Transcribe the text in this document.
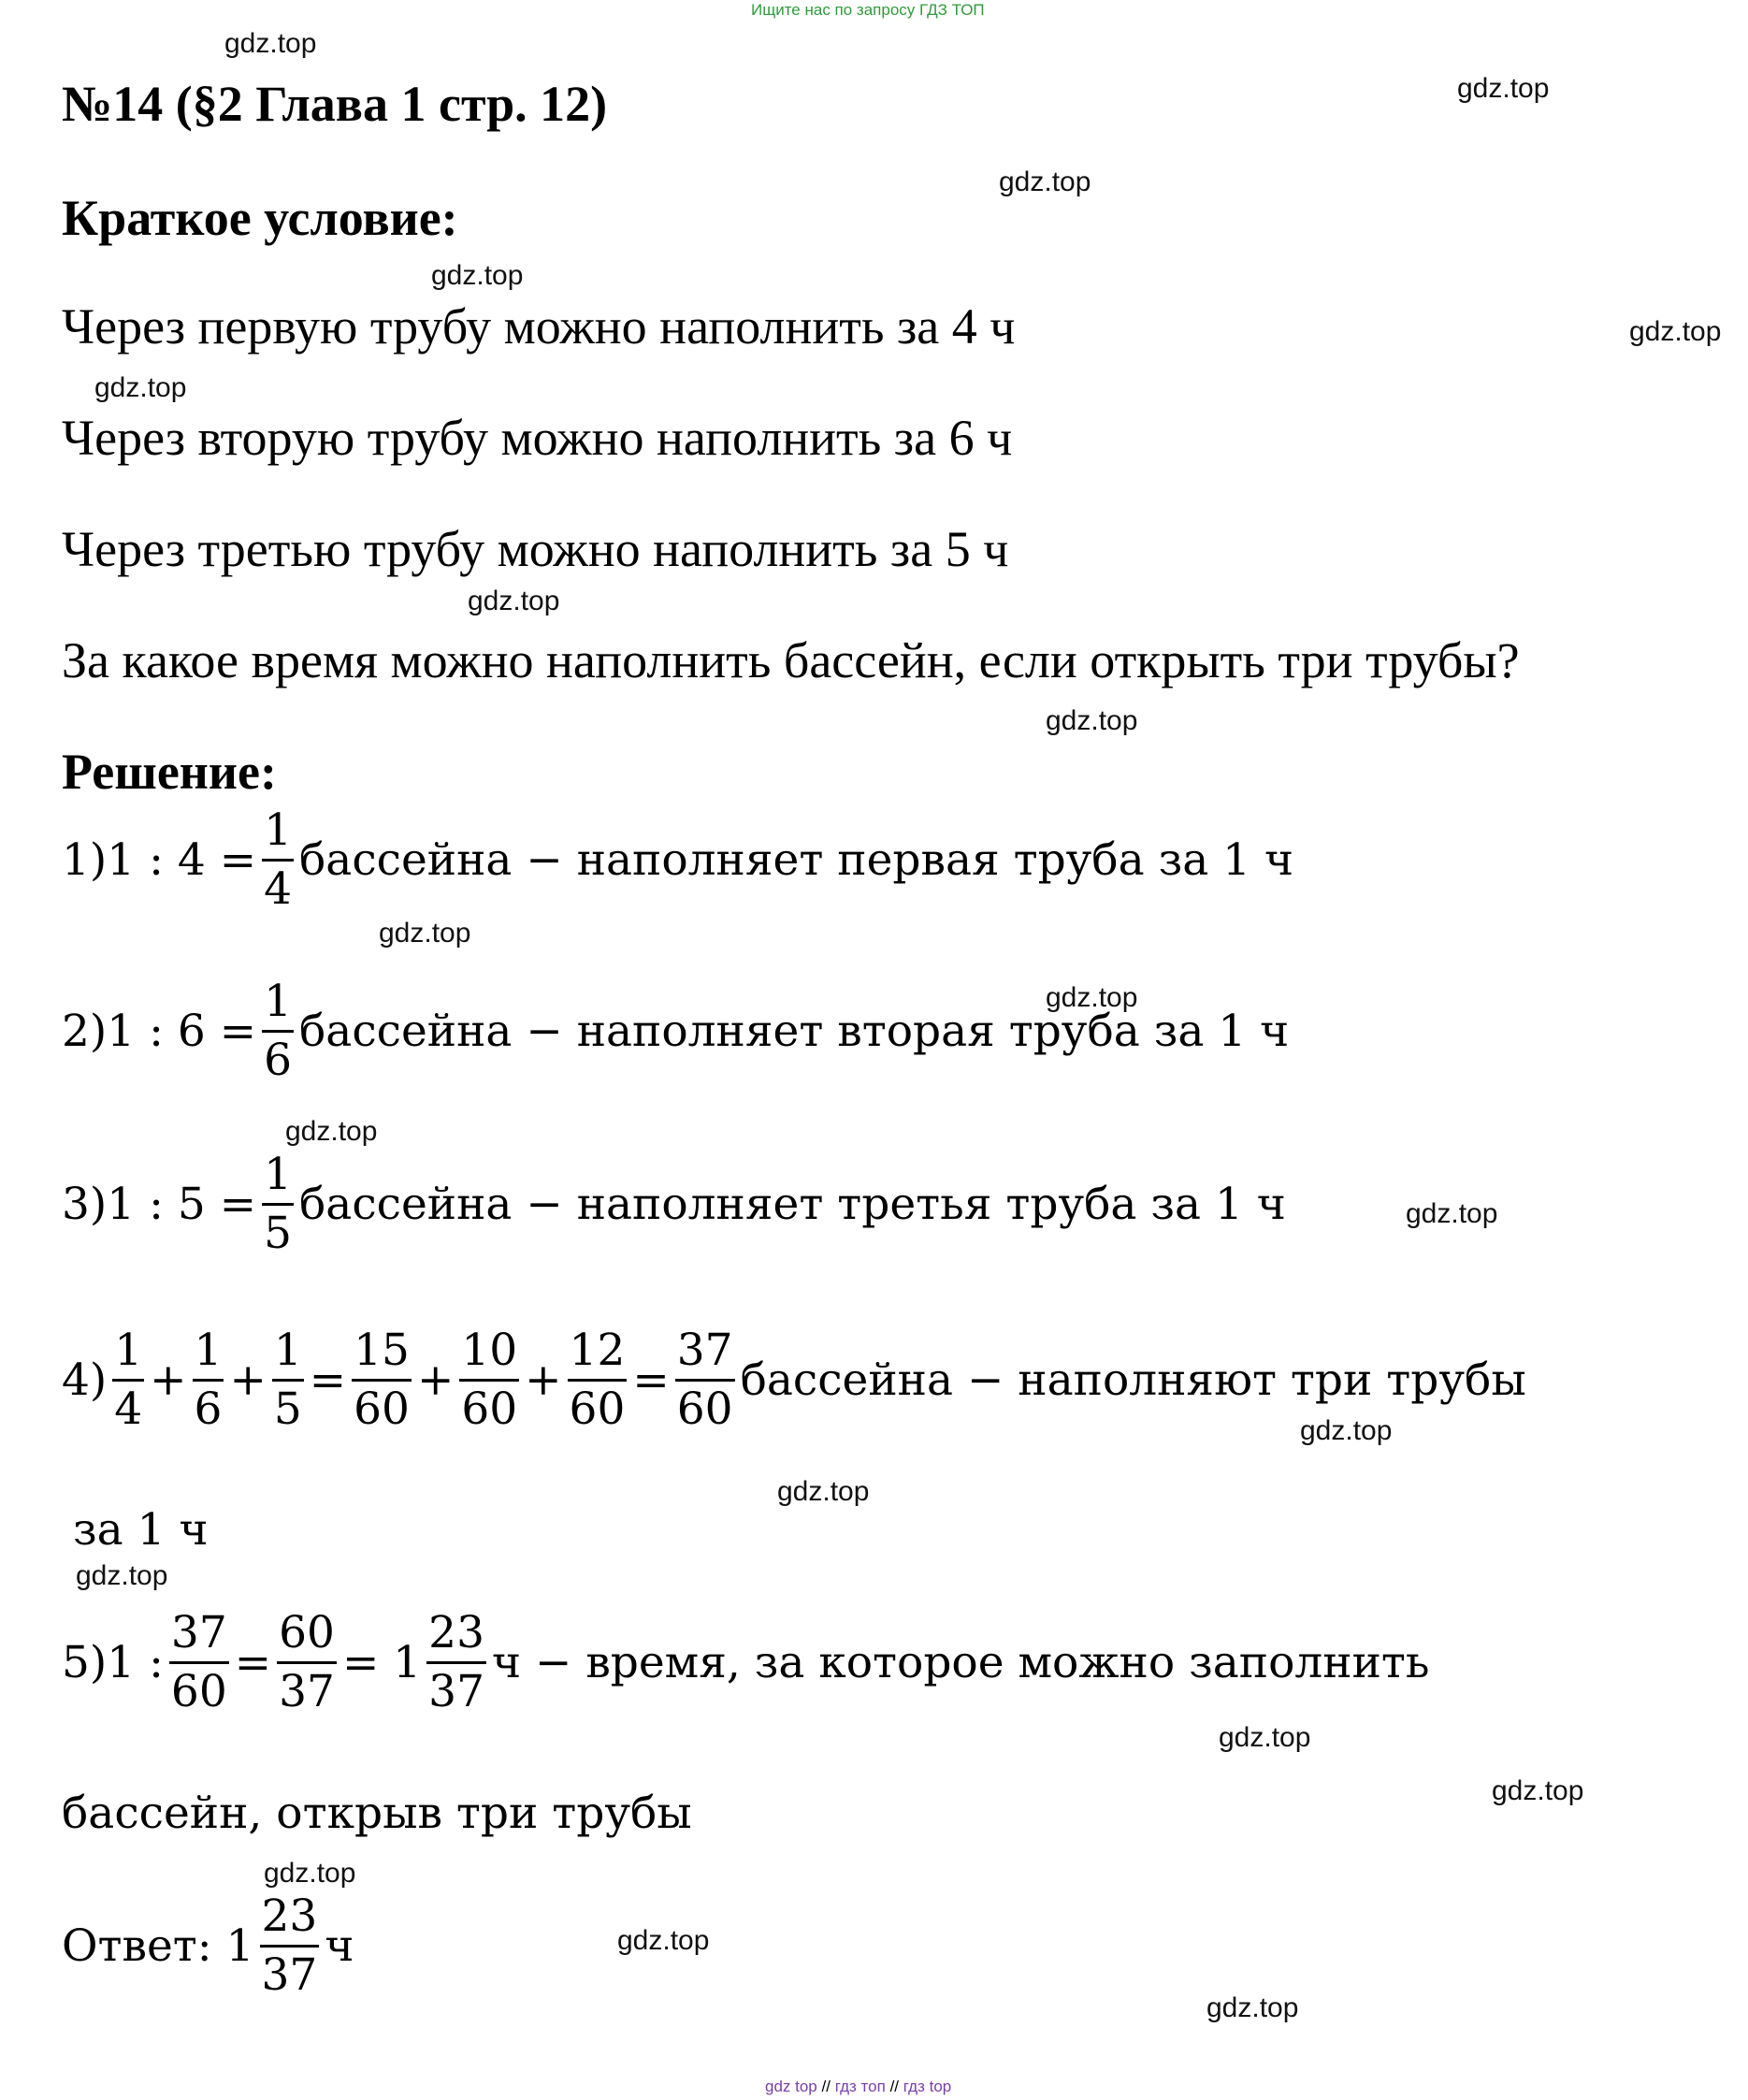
Ищите нас по запросу ГДЗ ТОП
gdz.top
gdz.top
gdz.top
gdz.top
gdz.top
gdz.top
gdz.top
gdz.top
gdz.top
gdz.top
gdz.top
gdz.top
gdz.top
gdz.top
gdz.top
gdz.top
gdz.top
gdz.top
gdz.top
gdz.top
№14 (§2 Глава 1 стр. 12)
Краткое условие:
Через первую трубу можно наполнить за 4 ч
Через вторую трубу можно наполнить за 6 ч
Через третью трубу можно наполнить за 5 ч
За какое время можно наполнить бассейн, если открыть три трубы?
Решение:
1)1 : $4 = \frac{1}{4}$ бассейна − наполняет первая труба за 1 ч
2)1 : $6 = \frac{1}{6}$ бассейна − наполняет вторая труба за 1 ч
3)1 : $5 = \frac{1}{5}$ бассейна − наполняет третья труба за 1 ч
$4) \frac{1}{4} + \frac{1}{6} + \frac{1}{5} = \frac{15}{60} + \frac{10}{60} + \frac{12}{60} = \frac{37}{60}$ бассейна − наполняют три трубы
за 1 ч
5)1 : $\frac{37}{60} = \frac{60}{37} = 1 \frac{23}{37}$ ч − время, за которое можно заполнить
бассейн, открыв три трубы
Ответ: $1 \frac{23}{37}$ ч
gdz top // гдз топ // гдз top
